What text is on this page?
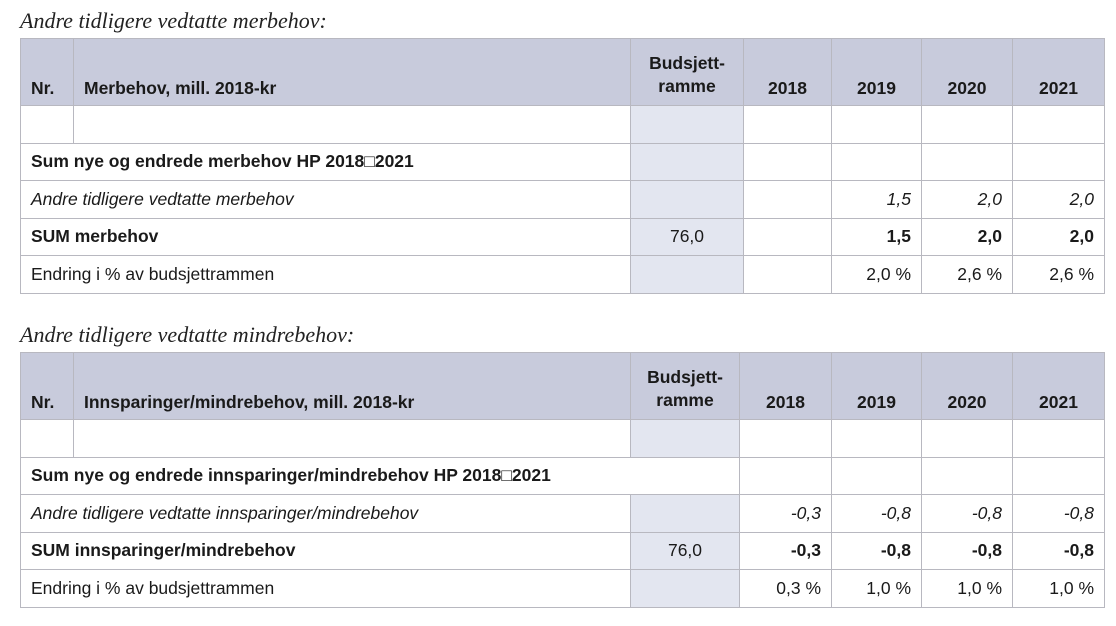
Andre tidligere vedtatte merbehov:
Nr.	Merbehov, mill. 2018-kr	Budsjett-
ramme	2018	2019	2020	2021

Sum nye og endrede merbehov HP 2018□2021						
Andre tidligere vedtatte merbehov				1,5	2,0	2,0
SUM merbehov		76,0		1,5	2,0	2,0
Endring i % av budsjettrammen				2,0 %	2,6 %	2,6 %
Andre tidligere vedtatte mindrebehov:
Nr.	Innsparinger/mindrebehov, mill. 2018-kr	Budsjett-
ramme	2018	2019	2020	2021

Sum nye og endrede innsparinger/mindrebehov HP 2018□2021						
Andre tidligere vedtatte innsparinger/mindrebehov			-0,3	-0,8	-0,8	-0,8
SUM innsparinger/mindrebehov		76,0	-0,3	-0,8	-0,8	-0,8
Endring i % av budsjettrammen			0,3 %	1,0 %	1,0 %	1,0 %
